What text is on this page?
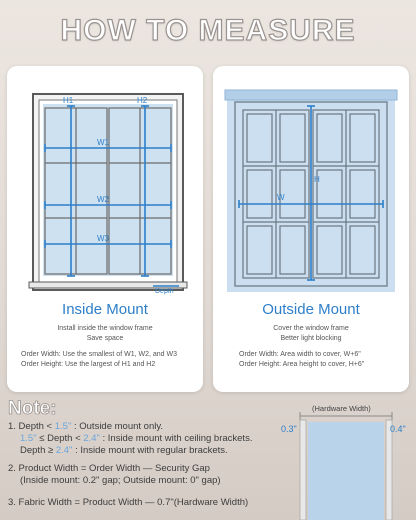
HOW TO MEASURE
H1	H2
W1
W2
W3
Depth
Inside Mount
Install inside the window frame
Save space
Order Width: Use the smallest of W1, W2, and W3
Order Height: Use the largest of H1 and H2
H
W
Outside Mount
Cover the window frame
Better light blocking
Order Width: Area width to cover, W+6"
Order Height: Area height to cover, H+6"
Note:
1. Depth < 1.5" : Outside mount only.
1.5" ≤ Depth < 2.4" : Inside mount with ceiling brackets.
Depth ≥ 2.4" : Inside mount with regular brackets.
2. Product Width = Order Width — Security Gap
(Inside mount: 0.2" gap; Outside mount: 0" gap)
3. Fabric Width = Product Width — 0.7"(Hardware Width)
(Hardware Width)
0.3"	0.4"
